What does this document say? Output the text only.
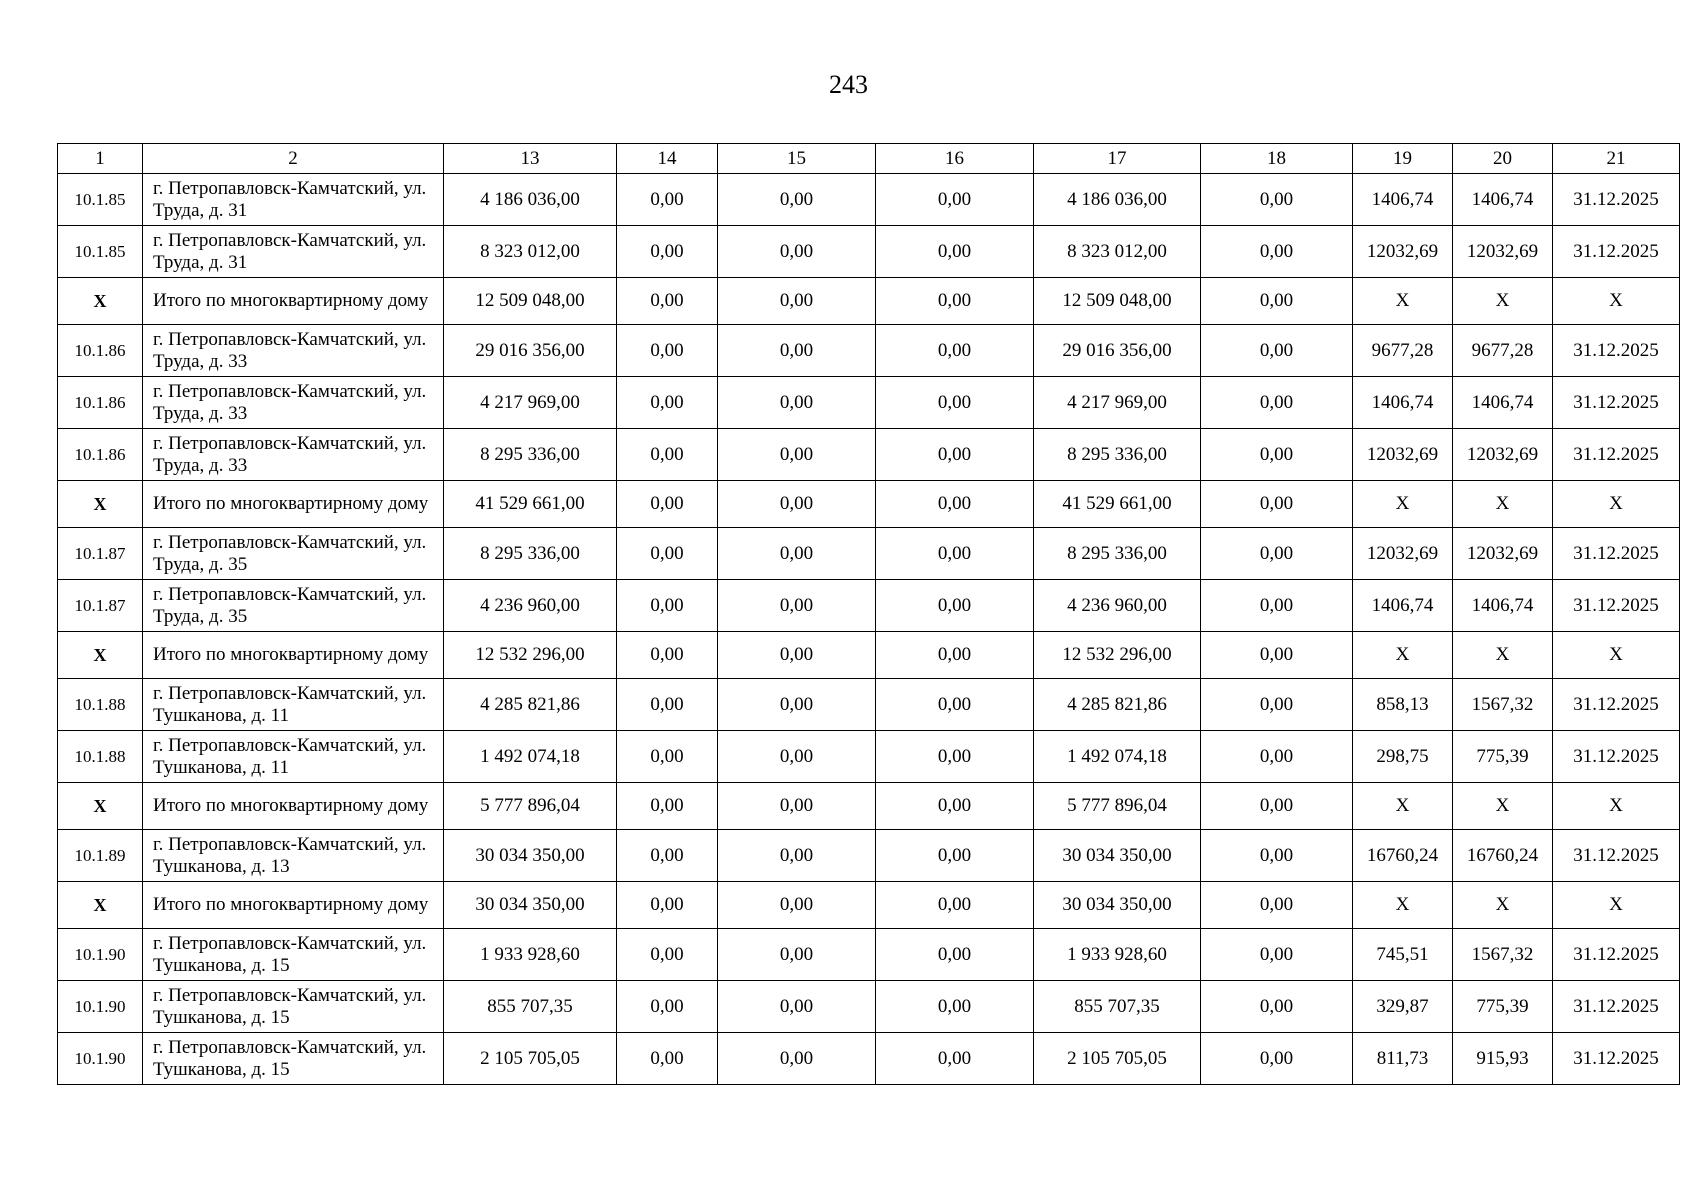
243
1	2	13	14	15	16	17	18	19	20	21
10.1.85	г. Петропавловск-Камчатский, ул. Труда, д. 31	4 186 036,00	0,00	0,00	0,00	4 186 036,00	0,00	1406,74	1406,74	31.12.2025
10.1.85	г. Петропавловск-Камчатский, ул. Труда, д. 31	8 323 012,00	0,00	0,00	0,00	8 323 012,00	0,00	12032,69	12032,69	31.12.2025
X	Итого по многоквартирному дому	12 509 048,00	0,00	0,00	0,00	12 509 048,00	0,00	X	X	X
10.1.86	г. Петропавловск-Камчатский, ул. Труда, д. 33	29 016 356,00	0,00	0,00	0,00	29 016 356,00	0,00	9677,28	9677,28	31.12.2025
10.1.86	г. Петропавловск-Камчатский, ул. Труда, д. 33	4 217 969,00	0,00	0,00	0,00	4 217 969,00	0,00	1406,74	1406,74	31.12.2025
10.1.86	г. Петропавловск-Камчатский, ул. Труда, д. 33	8 295 336,00	0,00	0,00	0,00	8 295 336,00	0,00	12032,69	12032,69	31.12.2025
X	Итого по многоквартирному дому	41 529 661,00	0,00	0,00	0,00	41 529 661,00	0,00	X	X	X
10.1.87	г. Петропавловск-Камчатский, ул. Труда, д. 35	8 295 336,00	0,00	0,00	0,00	8 295 336,00	0,00	12032,69	12032,69	31.12.2025
10.1.87	г. Петропавловск-Камчатский, ул. Труда, д. 35	4 236 960,00	0,00	0,00	0,00	4 236 960,00	0,00	1406,74	1406,74	31.12.2025
X	Итого по многоквартирному дому	12 532 296,00	0,00	0,00	0,00	12 532 296,00	0,00	X	X	X
10.1.88	г. Петропавловск-Камчатский, ул. Тушканова, д. 11	4 285 821,86	0,00	0,00	0,00	4 285 821,86	0,00	858,13	1567,32	31.12.2025
10.1.88	г. Петропавловск-Камчатский, ул. Тушканова, д. 11	1 492 074,18	0,00	0,00	0,00	1 492 074,18	0,00	298,75	775,39	31.12.2025
X	Итого по многоквартирному дому	5 777 896,04	0,00	0,00	0,00	5 777 896,04	0,00	X	X	X
10.1.89	г. Петропавловск-Камчатский, ул. Тушканова, д. 13	30 034 350,00	0,00	0,00	0,00	30 034 350,00	0,00	16760,24	16760,24	31.12.2025
X	Итого по многоквартирному дому	30 034 350,00	0,00	0,00	0,00	30 034 350,00	0,00	X	X	X
10.1.90	г. Петропавловск-Камчатский, ул. Тушканова, д. 15	1 933 928,60	0,00	0,00	0,00	1 933 928,60	0,00	745,51	1567,32	31.12.2025
10.1.90	г. Петропавловск-Камчатский, ул. Тушканова, д. 15	855 707,35	0,00	0,00	0,00	855 707,35	0,00	329,87	775,39	31.12.2025
10.1.90	г. Петропавловск-Камчатский, ул. Тушканова, д. 15	2 105 705,05	0,00	0,00	0,00	2 105 705,05	0,00	811,73	915,93	31.12.2025
